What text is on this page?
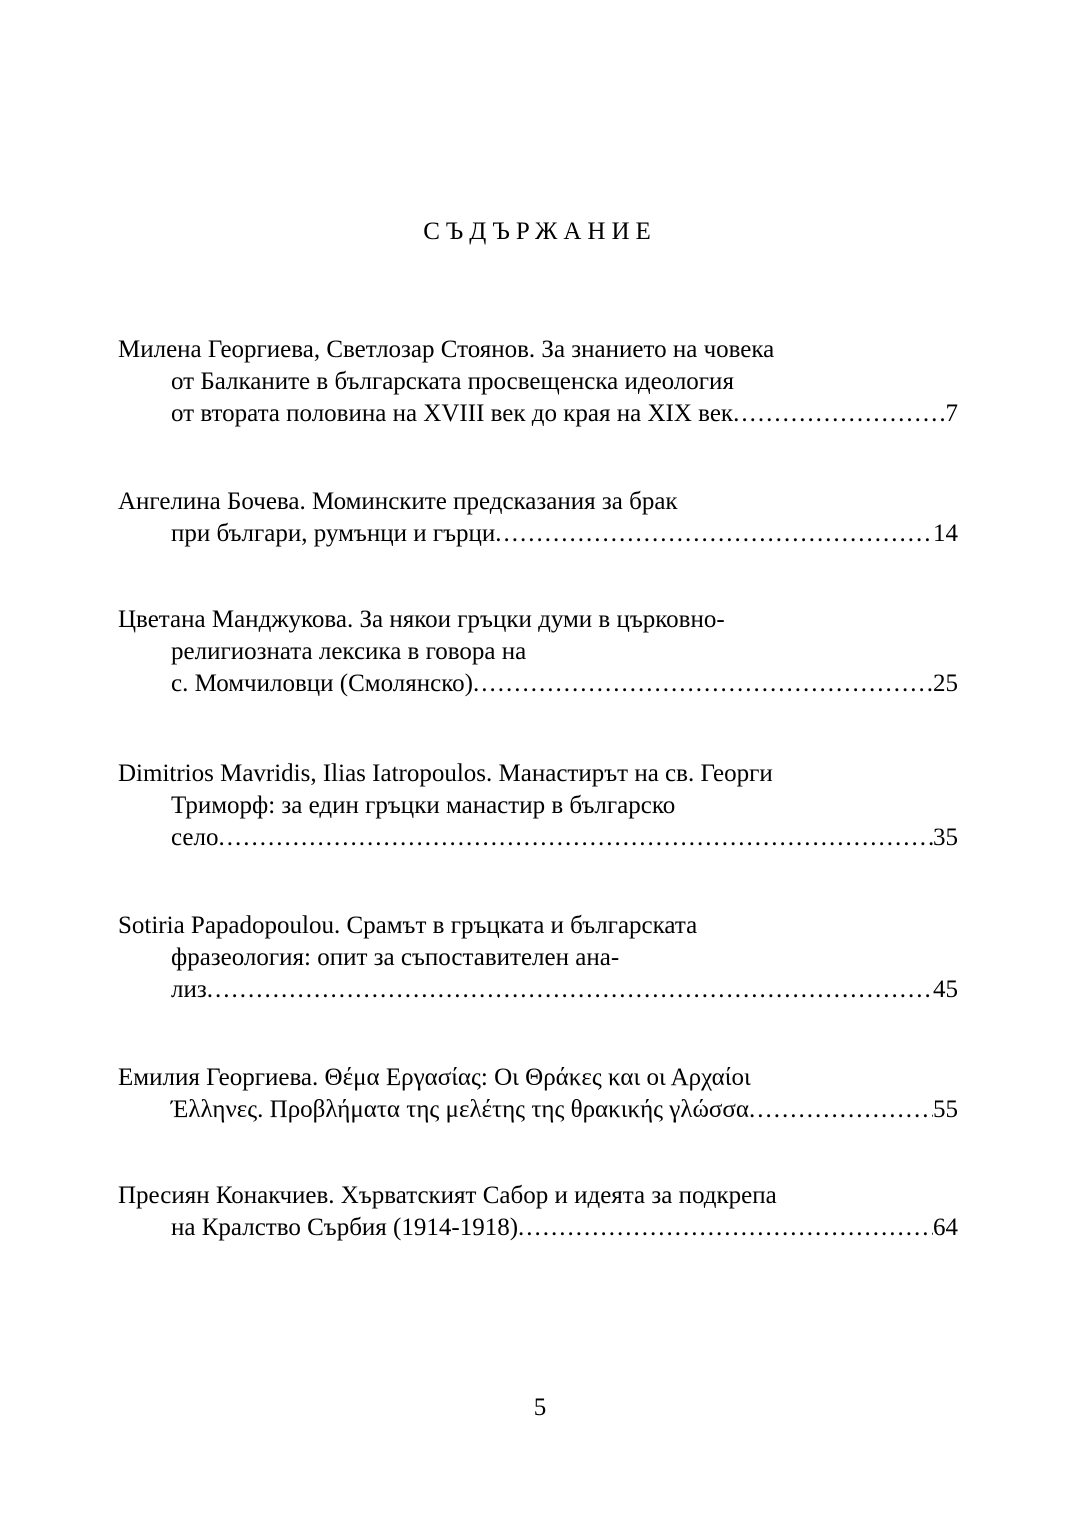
СЪДЪРЖАНИЕ
Милена Георгиева, Светлозар Стоянов. За знанието на човека
от Балканите в българската просвещенска идеология
от втората половина на XVIII век до края на XIX век .....	7
Ангелина Бочева. Моминските предсказания за брак
при българи, румънци и гърци .....	14
Цветана Манджукова. За някои гръцки думи в църковно-
религиозната лексика в говора на
с. Момчиловци (Смолянско) .....	25
Dimitrios Mavridis, Ilias Iatropoulos. Манастирът на св. Георги
Триморф: за един гръцки манастир в българско
село .....	35
Sotiria Papadopoulou. Срамът в гръцката и българската
фразеология: опит за съпоставителен ана-
лиз .....	45
Емилия Георгиева. Θέμα Εργασίας: Οι Θράκες και οι Αρχαίοι
Έλληνες. Προβλήματα της μελέτης της θρακικής γλώσσα .....	55
Пресиян Конакчиев. Хърватският Сабор и идеята за подкрепа
на Кралство Сърбия (1914-1918) .....	64
5
